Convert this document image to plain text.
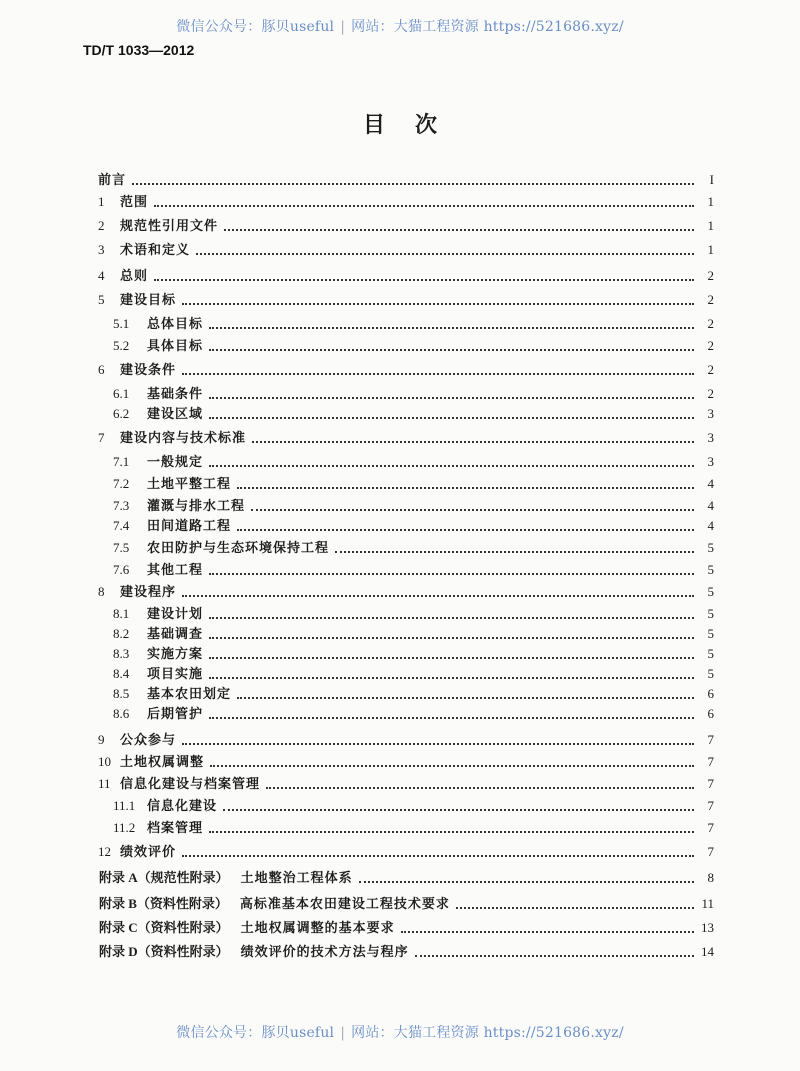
微信公众号：豚贝useful | 网站：大猫工程资源 https://521686.xyz/
TD/T 1033—2012
目次
前言	I
1	范围	1
2	规范性引用文件	1
3	术语和定义	1
4	总则	2
5	建设目标	2
5.1	总体目标	2
5.2	具体目标	2
6	建设条件	2
6.1	基础条件	2
6.2	建设区域	3
7	建设内容与技术标准	3
7.1	一般规定	3
7.2	土地平整工程	4
7.3	灌溉与排水工程	4
7.4	田间道路工程	4
7.5	农田防护与生态环境保持工程	5
7.6	其他工程	5
8	建设程序	5
8.1	建设计划	5
8.2	基础调查	5
8.3	实施方案	5
8.4	项目实施	5
8.5	基本农田划定	6
8.6	后期管护	6
9	公众参与	7
10 土地权属调整	7
11 信息化建设与档案管理	7
11.1 信息化建设	7
11.2 档案管理	7
12 绩效评价	7
附录 A（规范性附录） 土地整治工程体系	8
附录 B（资料性附录） 高标准基本农田建设工程技术要求	11
附录 C（资料性附录） 土地权属调整的基本要求	13
附录 D（资料性附录） 绩效评价的技术方法与程序	14
微信公众号：豚贝useful | 网站：大猫工程资源 https://521686.xyz/
